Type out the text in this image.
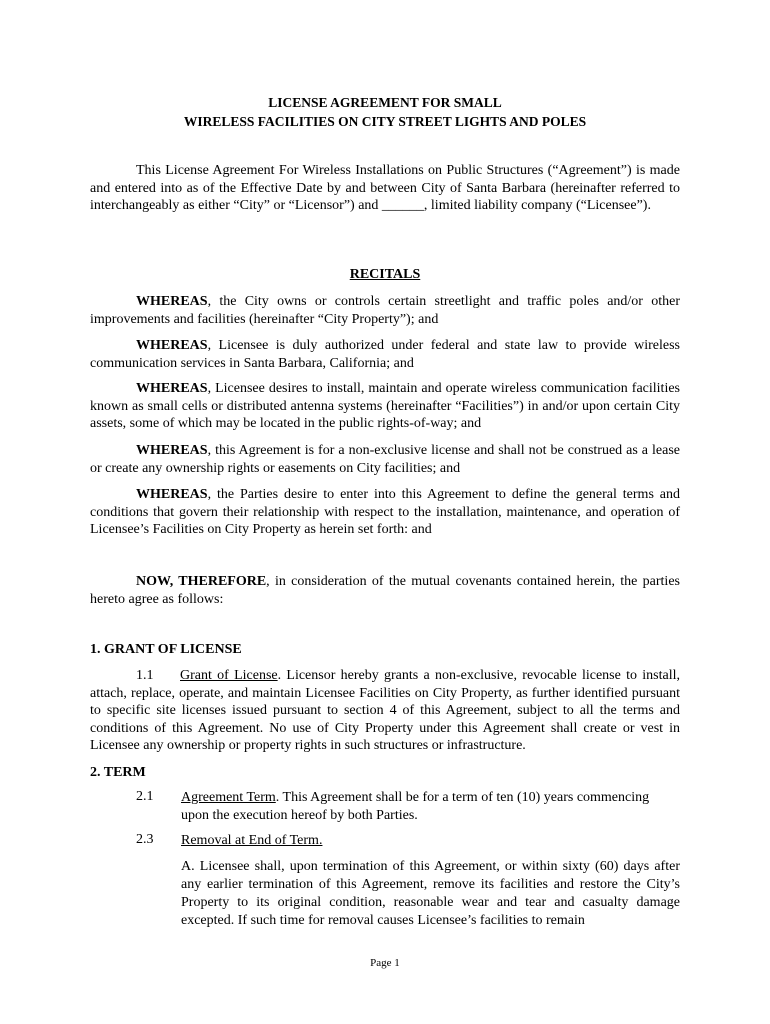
LICENSE AGREEMENT FOR SMALL
WIRELESS FACILITIES ON CITY STREET LIGHTS AND POLES
This License Agreement For Wireless Installations on Public Structures (“Agreement”) is made and entered into as of the Effective Date by and between City of Santa Barbara (hereinafter referred to interchangeably as either “City” or “Licensor”) and ______, limited liability company (“Licensee”).
RECITALS
WHEREAS, the City owns or controls certain streetlight and traffic poles and/or other improvements and facilities (hereinafter “City Property”); and
WHEREAS, Licensee is duly authorized under federal and state law to provide wireless communication services in Santa Barbara, California; and
WHEREAS, Licensee desires to install, maintain and operate wireless communication facilities known as small cells or distributed antenna systems (hereinafter “Facilities”) in and/or upon certain City assets, some of which may be located in the public rights-of-way; and
WHEREAS, this Agreement is for a non-exclusive license and shall not be construed as a lease or create any ownership rights or easements on City facilities; and
WHEREAS, the Parties desire to enter into this Agreement to define the general terms and conditions that govern their relationship with respect to the installation, maintenance, and operation of Licensee’s Facilities on City Property as herein set forth: and
NOW, THEREFORE, in consideration of the mutual covenants contained herein, the parties hereto agree as follows:
1. GRANT OF LICENSE
1.1 Grant of License. Licensor hereby grants a non-exclusive, revocable license to install, attach, replace, operate, and maintain Licensee Facilities on City Property, as further identified pursuant to specific site licenses issued pursuant to section 4 of this Agreement, subject to all the terms and conditions of this Agreement. No use of City Property under this Agreement shall create or vest in Licensee any ownership or property rights in such structures or infrastructure.
2. TERM
2.1 Agreement Term. This Agreement shall be for a term of ten (10) years commencing upon the execution hereof by both Parties.
2.3 Removal at End of Term.
A. Licensee shall, upon termination of this Agreement, or within sixty (60) days after any earlier termination of this Agreement, remove its facilities and restore the City’s Property to its original condition, reasonable wear and tear and casualty damage excepted. If such time for removal causes Licensee’s facilities to remain
Page 1
